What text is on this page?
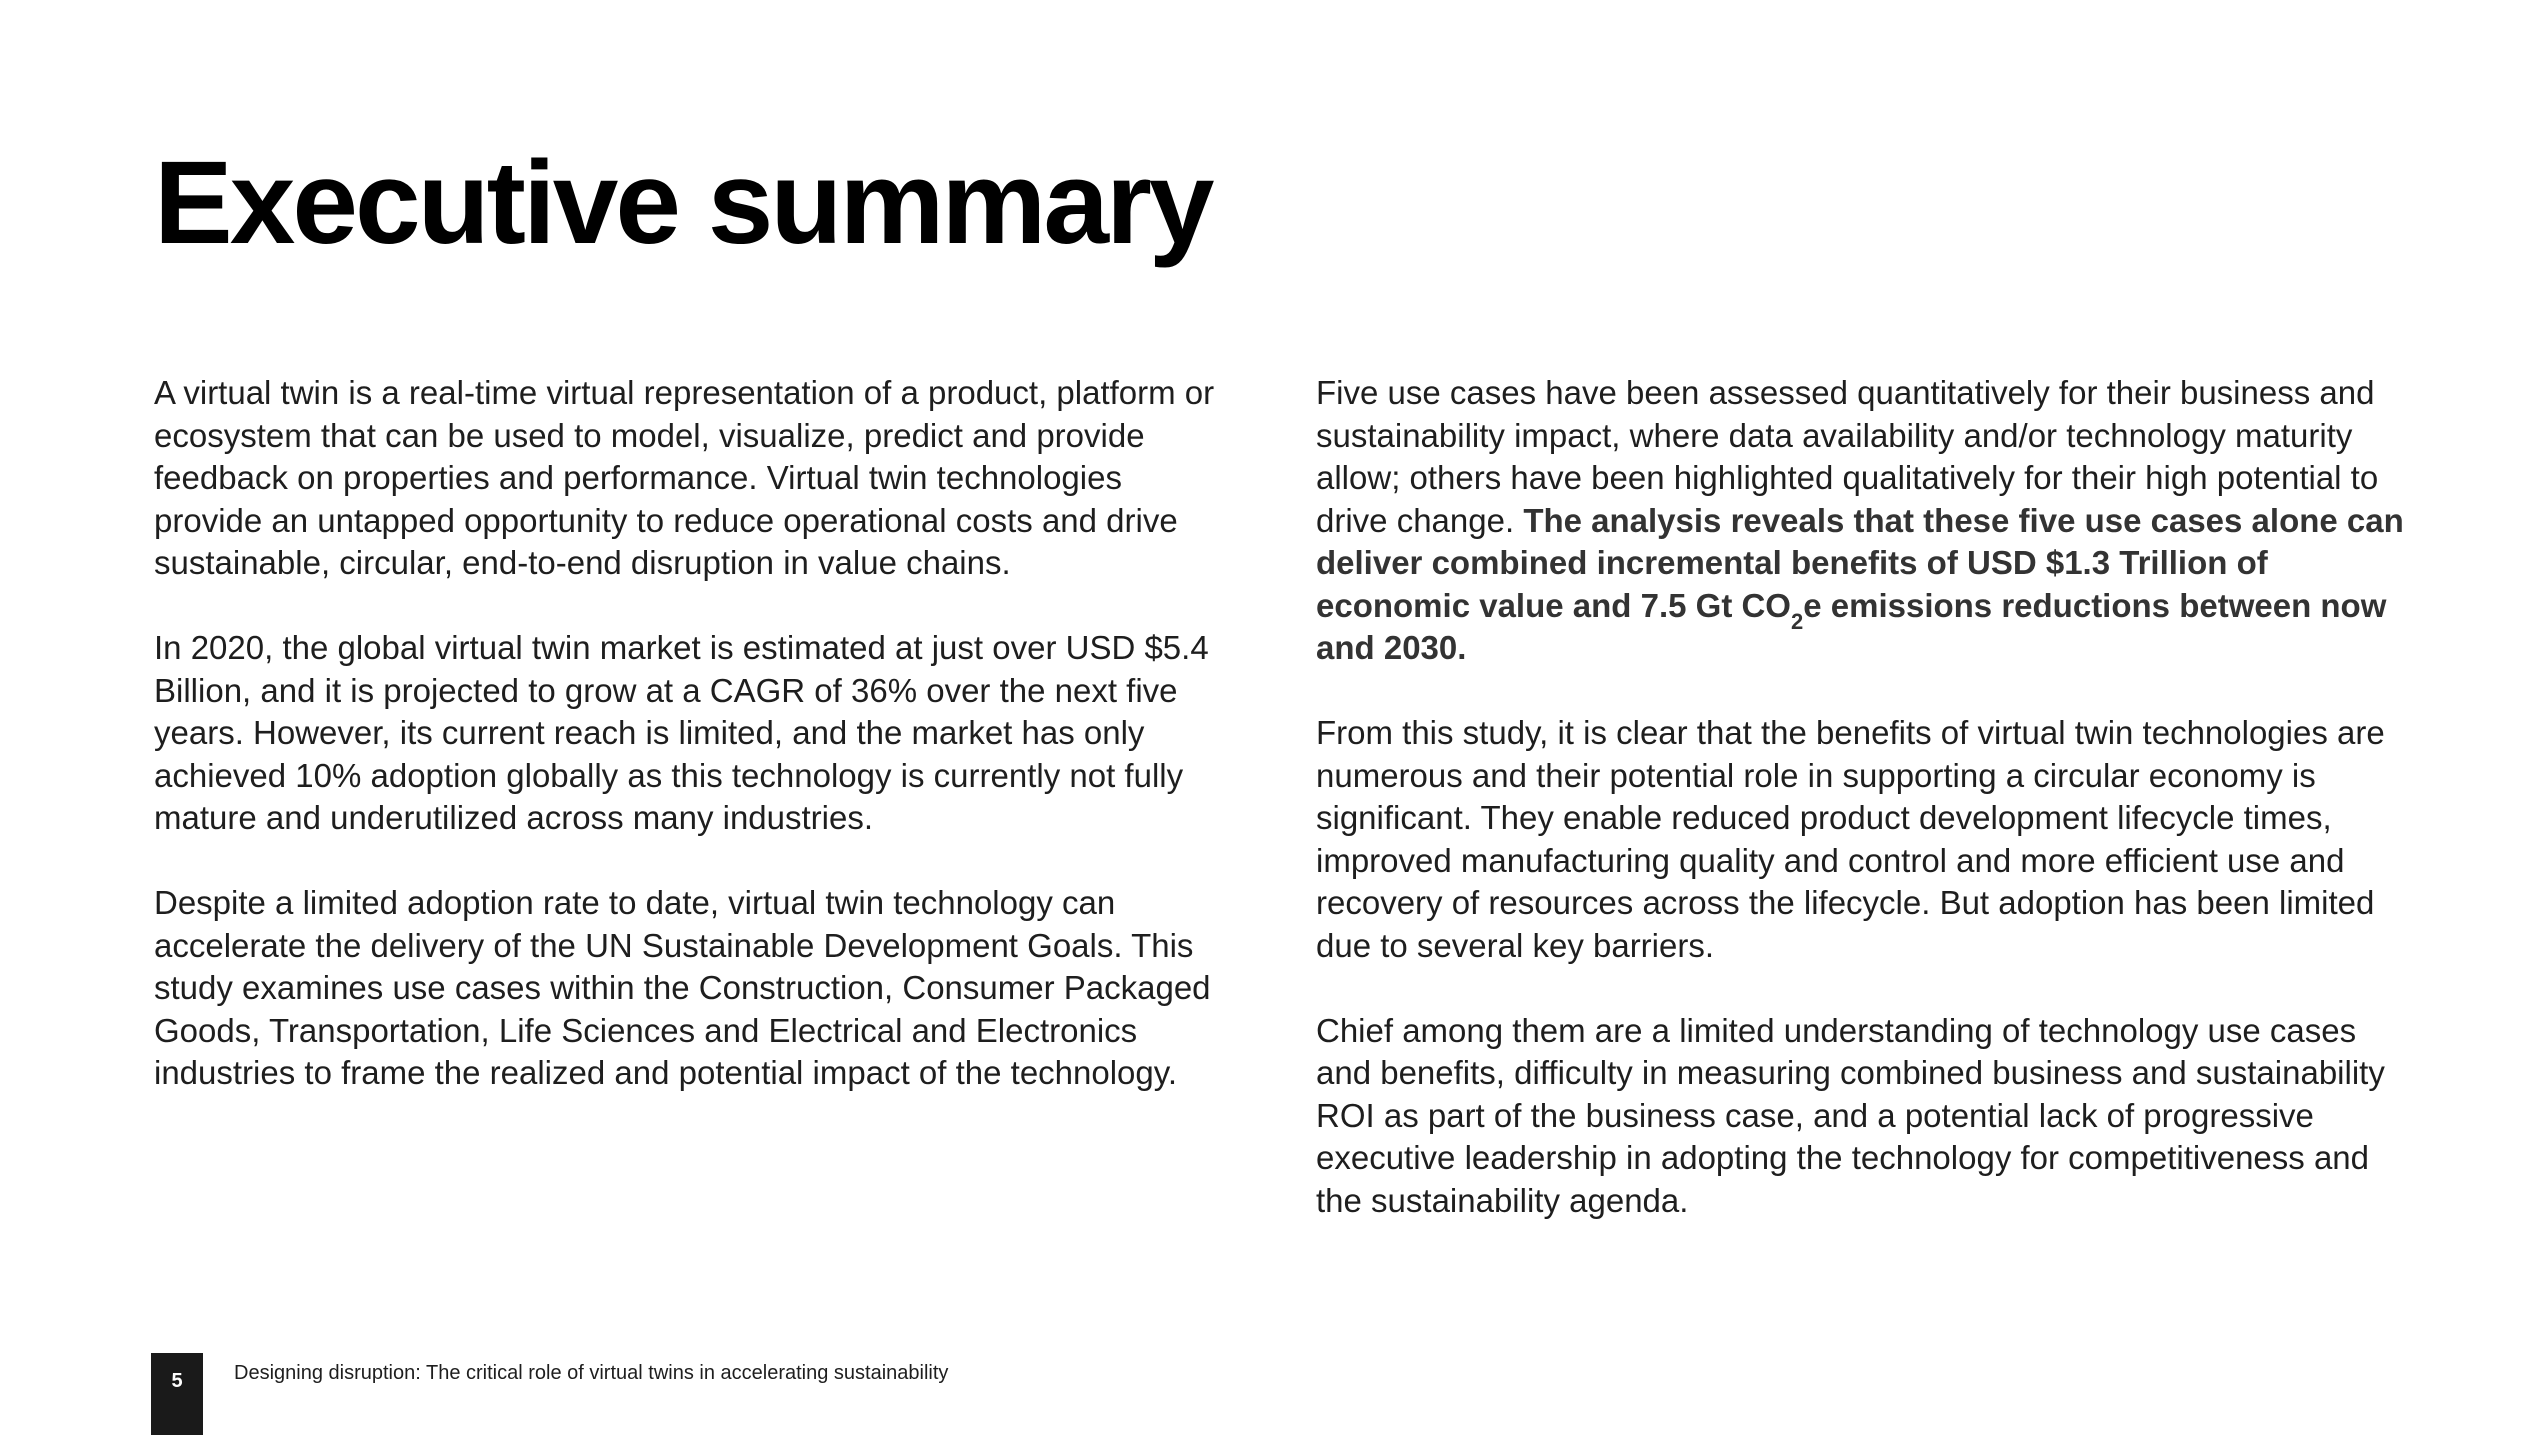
Executive summary

A virtual twin is a real-time virtual representation of a product, platform or ecosystem that can be used to model, visualize, predict and provide feedback on properties and performance. Virtual twin technologies provide an untapped opportunity to reduce operational costs and drive sustainable, circular, end-to-end disruption in value chains.

In 2020, the global virtual twin market is estimated at just over USD $5.4 Billion, and it is projected to grow at a CAGR of 36% over the next five years. However, its current reach is limited, and the market has only achieved 10% adoption globally as this technology is currently not fully mature and underutilized across many industries.

Despite a limited adoption rate to date, virtual twin technology can accelerate the delivery of the UN Sustainable Development Goals. This study examines use cases within the Construction, Consumer Packaged Goods, Transportation, Life Sciences and Electrical and Electronics industries to frame the realized and potential impact of the technology.

Five use cases have been assessed quantitatively for their business and sustainability impact, where data availability and/or technology maturity allow; others have been highlighted qualitatively for their high potential to drive change. The analysis reveals that these five use cases alone can deliver combined incremental benefits of USD $1.3 Trillion of economic value and 7.5 Gt $CO_2e$ emissions reductions between now and 2030.

From this study, it is clear that the benefits of virtual twin technologies are numerous and their potential role in supporting a circular economy is significant. They enable reduced product development lifecycle times, improved manufacturing quality and control and more efficient use and recovery of resources across the lifecycle. But adoption has been limited due to several key barriers.

Chief among them are a limited understanding of technology use cases and benefits, difficulty in measuring combined business and sustainability ROI as part of the business case, and a potential lack of progressive executive leadership in adopting the technology for competitiveness and the sustainability agenda.

5	Designing disruption: The critical role of virtual twins in accelerating sustainability
